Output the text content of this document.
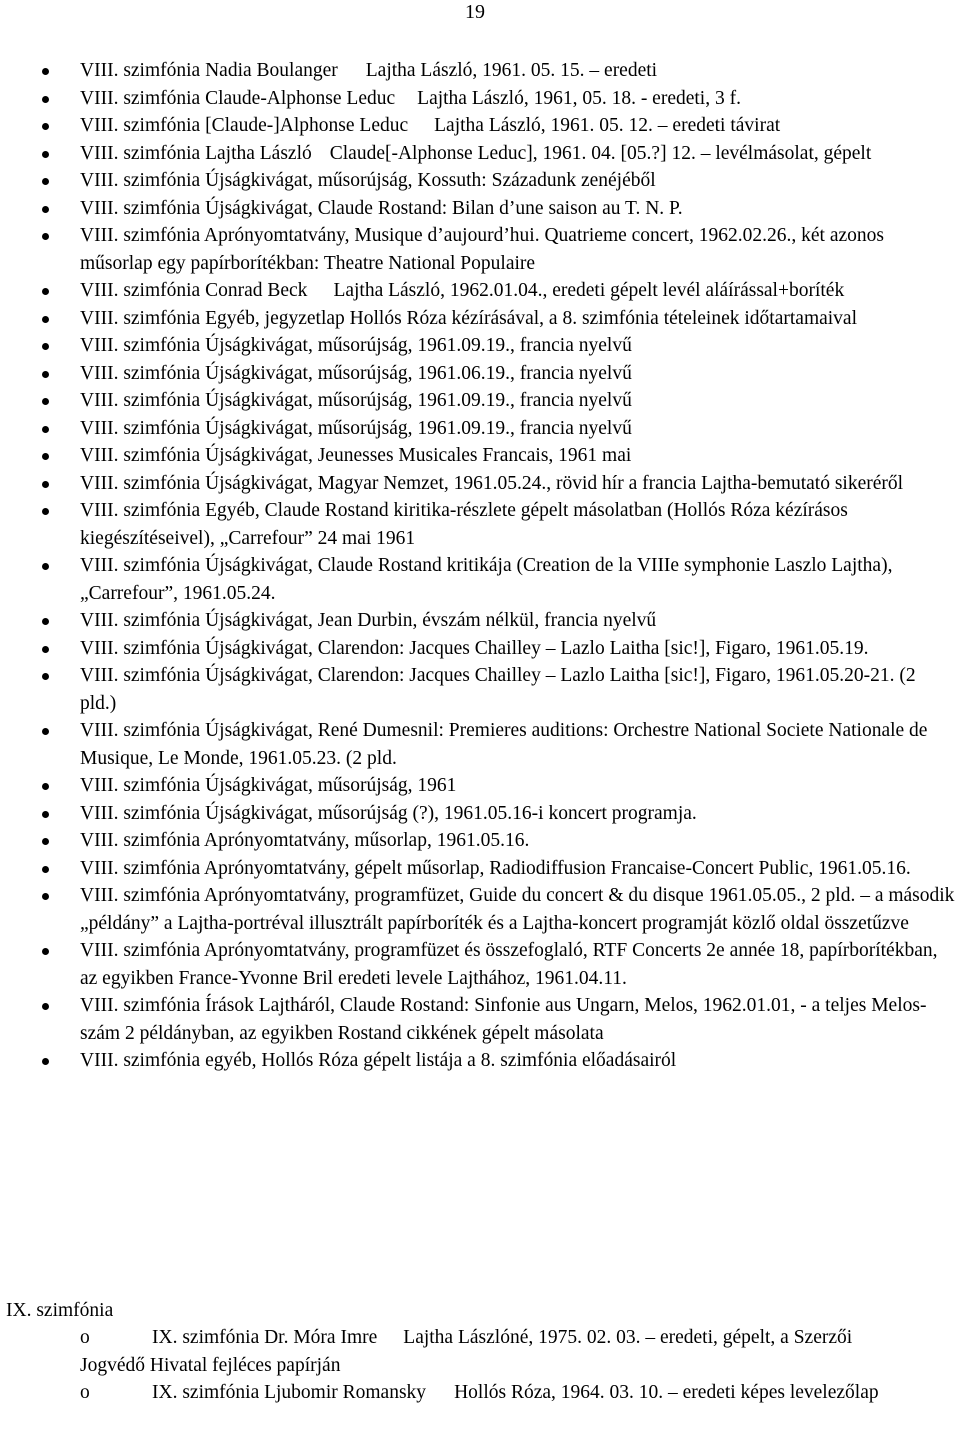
19
VIII. szimfónia Nadia Boulanger Lajtha László, 1961. 05. 15. – eredeti
VIII. szimfónia Claude-Alphonse Leduc Lajtha László, 1961, 05. 18. - eredeti, 3 f.
VIII. szimfónia [Claude-]Alphonse Leduc Lajtha László, 1961. 05. 12. – eredeti távirat
VIII. szimfónia Lajtha László Claude[-Alphonse Leduc], 1961. 04. [05.?] 12. – levélmásolat, gépelt
VIII. szimfónia Újságkivágat, műsorújság, Kossuth: Századunk zenéjéből
VIII. szimfónia Újságkivágat, Claude Rostand: Bilan d’une saison au T. N. P.
VIII. szimfónia Aprónyomtatvány, Musique d’aujourd’hui. Quatrieme concert, 1962.02.26., két azonos műsorlap egy papírborítékban: Theatre National Populaire
VIII. szimfónia Conrad Beck Lajtha László, 1962.01.04., eredeti gépelt levél aláírással+boríték
VIII. szimfónia Egyéb, jegyzetlap Hollós Róza kézírásával, a 8. szimfónia tételeinek időtartamaival
VIII. szimfónia Újságkivágat, műsorújság, 1961.09.19., francia nyelvű
VIII. szimfónia Újságkivágat, műsorújság, 1961.06.19., francia nyelvű
VIII. szimfónia Újságkivágat, műsorújság, 1961.09.19., francia nyelvű
VIII. szimfónia Újságkivágat, műsorújság, 1961.09.19., francia nyelvű
VIII. szimfónia Újságkivágat, Jeunesses Musicales Francais, 1961 mai
VIII. szimfónia Újságkivágat, Magyar Nemzet, 1961.05.24., rövid hír a francia Lajtha-bemutató sikeréről
VIII. szimfónia Egyéb, Claude Rostand kiritika-részlete gépelt másolatban (Hollós Róza kézírásos kiegészítéseivel), „Carrefour” 24 mai 1961
VIII. szimfónia Újságkivágat, Claude Rostand kritikája (Creation de la VIIIe symphonie Laszlo Lajtha), „Carrefour”, 1961.05.24.
VIII. szimfónia Újságkivágat, Jean Durbin, évszám nélkül, francia nyelvű
VIII. szimfónia Újságkivágat, Clarendon: Jacques Chailley – Lazlo Laitha [sic!], Figaro, 1961.05.19.
VIII. szimfónia Újságkivágat, Clarendon: Jacques Chailley – Lazlo Laitha [sic!], Figaro, 1961.05.20-21. (2 pld.)
VIII. szimfónia Újságkivágat, René Dumesnil: Premieres auditions: Orchestre National Societe Nationale de Musique, Le Monde, 1961.05.23. (2 pld.
VIII. szimfónia Újságkivágat, műsorújság, 1961
VIII. szimfónia Újságkivágat, műsorújság (?), 1961.05.16-i koncert programja.
VIII. szimfónia Aprónyomtatvány, műsorlap, 1961.05.16.
VIII. szimfónia Aprónyomtatvány, gépelt műsorlap, Radiodiffusion Francaise-Concert Public, 1961.05.16.
VIII. szimfónia Aprónyomtatvány, programfüzet, Guide du concert & du disque 1961.05.05., 2 pld. – a második „példány” a Lajtha-portréval illusztrált papírboríték és a Lajtha-koncert programját közlő oldal összetűzve
VIII. szimfónia Aprónyomtatvány, programfüzet és összefoglaló, RTF Concerts 2e année 18, papírborítékban, az egyikben France-Yvonne Bril eredeti levele Lajthához, 1961.04.11.
VIII. szimfónia Írások Lajtháról, Claude Rostand: Sinfonie aus Ungarn, Melos, 1962.01.01, - a teljes Melos-szám 2 példányban, az egyikben Rostand cikkének gépelt másolata
VIII. szimfónia egyéb, Hollós Róza gépelt listája a 8. szimfónia előadásairól
IX. szimfónia
o	IX. szimfónia Dr. Móra Imre Lajtha Lászlóné, 1975. 02. 03. – eredeti, gépelt, a Szerzői Jogvédő Hivatal fejléces papírján
o	IX. szimfónia Ljubomir Romansky Hollós Róza, 1964. 03. 10. – eredeti képes levelezőlap
